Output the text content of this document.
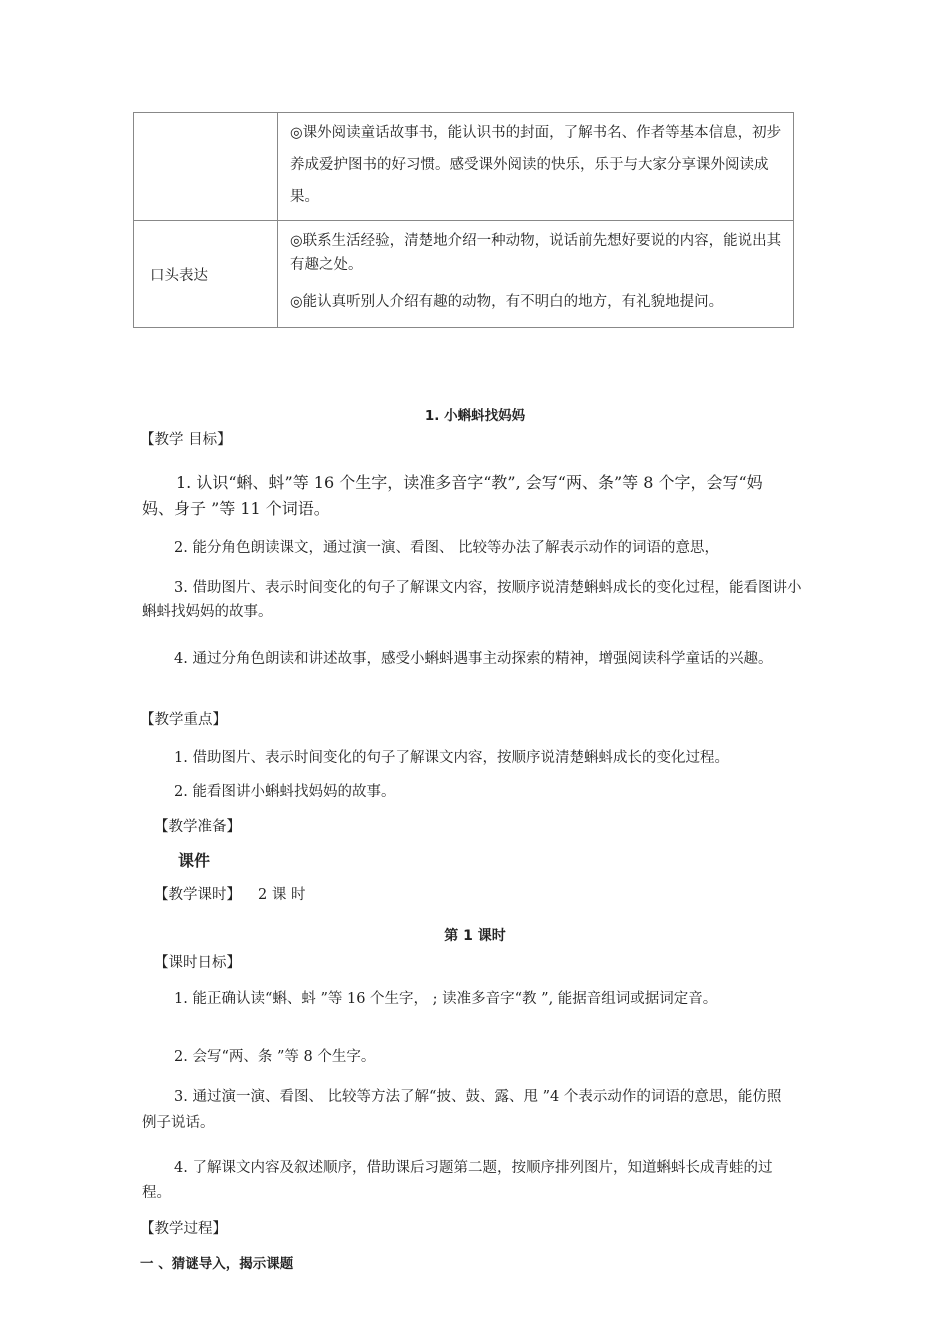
	◎课外阅读童话故事书，能认识书的封面，了解书名、作者等基本信息，初步养成爱护图书的好习惯。感受课外阅读的快乐，乐于与大家分享课外阅读成果。

口头表达	◎联系生活经验，清楚地介绍一种动物，说话前先想好要说的内容，能说出其有趣之处。

◎能认真听别人介绍有趣的动物，有不明白的地方，有礼貌地提问。

1. 小蝌蚪找妈妈
【教学 目标】
1. 认识“蝌、蚪”等 16 个生字，读准多音字“教”, 会写“两、条”等 8 个字，会写“妈妈、身子 ”等 11 个词语。
2. 能分角色朗读课文，通过演一演、看图、 比较等办法了解表示动作的词语的意思，
3. 借助图片、表示时间变化的句子了解课文内容，按顺序说清楚蝌蚪成长的变化过程，能看图讲小蝌蚪找妈妈的故事。
4. 通过分角色朗读和讲述故事，感受小蝌蚪遇事主动探索的精神，增强阅读科学童话的兴趣。
【教学重点】
1. 借助图片、表示时间变化的句子了解课文内容，按顺序说清楚蝌蚪成长的变化过程。
2. 能看图讲小蝌蚪找妈妈的故事。
【教学准备】
课件
【教学课时】 2 课 时
第 1 课时
【课时日标】
1. 能正确认读“蝌、蚪 ”等 16 个生字， ; 读准多音字“教 ”, 能据音组词或据词定音。
2. 会写“两、条 ”等 8 个生字。
3. 通过演一演、看图、 比较等方法了解“披、鼓、露、甩 ”4 个表示动作的词语的意思，能仿照例子说话。
4. 了解课文内容及叙述顺序，借助课后习题第二题，按顺序排列图片，知道蝌蚪长成青蛙的过程。
【教学过程】
一 、猜谜导入，揭示课题
